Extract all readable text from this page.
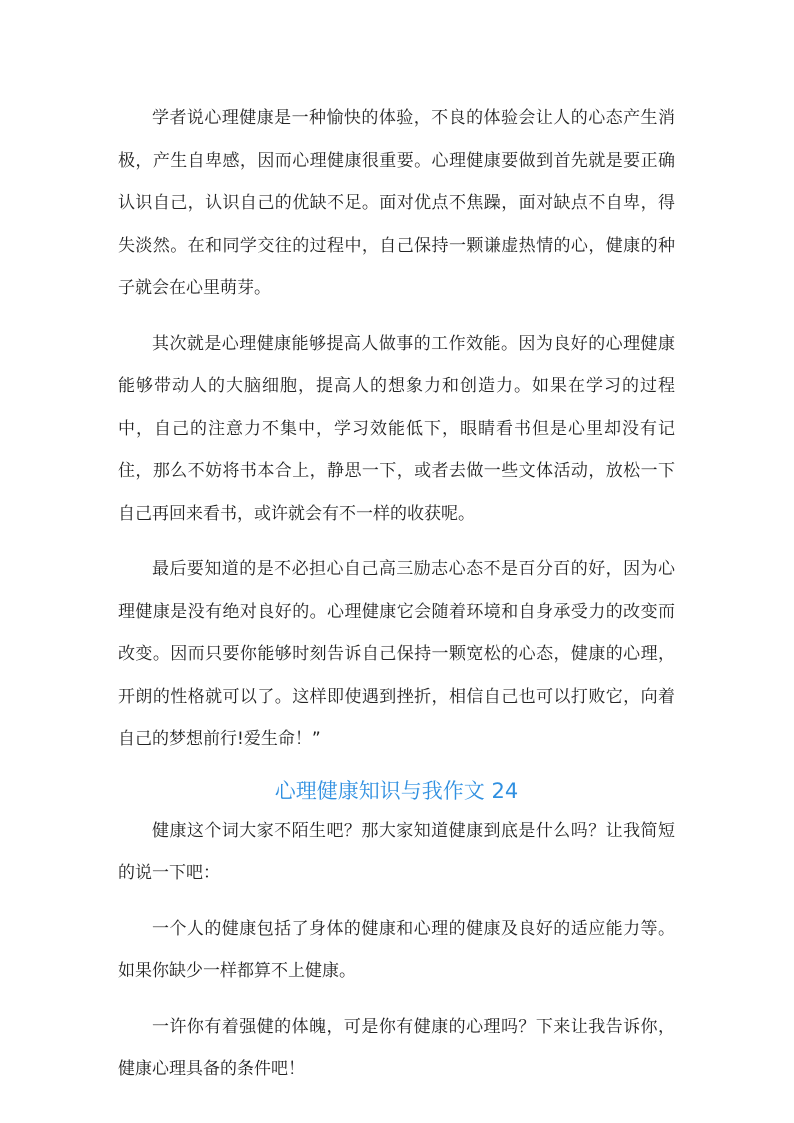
学者说心理健康是一种愉快的体验，不良的体验会让人的心态产生消极，产生自卑感，因而心理健康很重要。心理健康要做到首先就是要正确认识自己，认识自己的优缺不足。面对优点不焦躁，面对缺点不自卑，得失淡然。在和同学交往的过程中，自己保持一颗谦虚热情的心，健康的种子就会在心里萌芽。

其次就是心理健康能够提高人做事的工作效能。因为良好的心理健康能够带动人的大脑细胞，提高人的想象力和创造力。如果在学习的过程中，自己的注意力不集中，学习效能低下，眼睛看书但是心里却没有记住，那么不妨将书本合上，静思一下，或者去做一些文体活动，放松一下自己再回来看书，或许就会有不一样的收获呢。

最后要知道的是不必担心自己高三励志心态不是百分百的好，因为心理健康是没有绝对良好的。心理健康它会随着环境和自身承受力的改变而改变。因而只要你能够时刻告诉自己保持一颗宽松的心态，健康的心理，开朗的性格就可以了。这样即使遇到挫折，相信自己也可以打败它，向着自己的梦想前行!爱生命！”

心理健康知识与我作文 24

健康这个词大家不陌生吧？那大家知道健康到底是什么吗？让我简短的说一下吧：

一个人的健康包括了身体的健康和心理的健康及良好的适应能力等。如果你缺少一样都算不上健康。

一许你有着强健的体魄，可是你有健康的心理吗？下来让我告诉你，健康心理具备的条件吧！
